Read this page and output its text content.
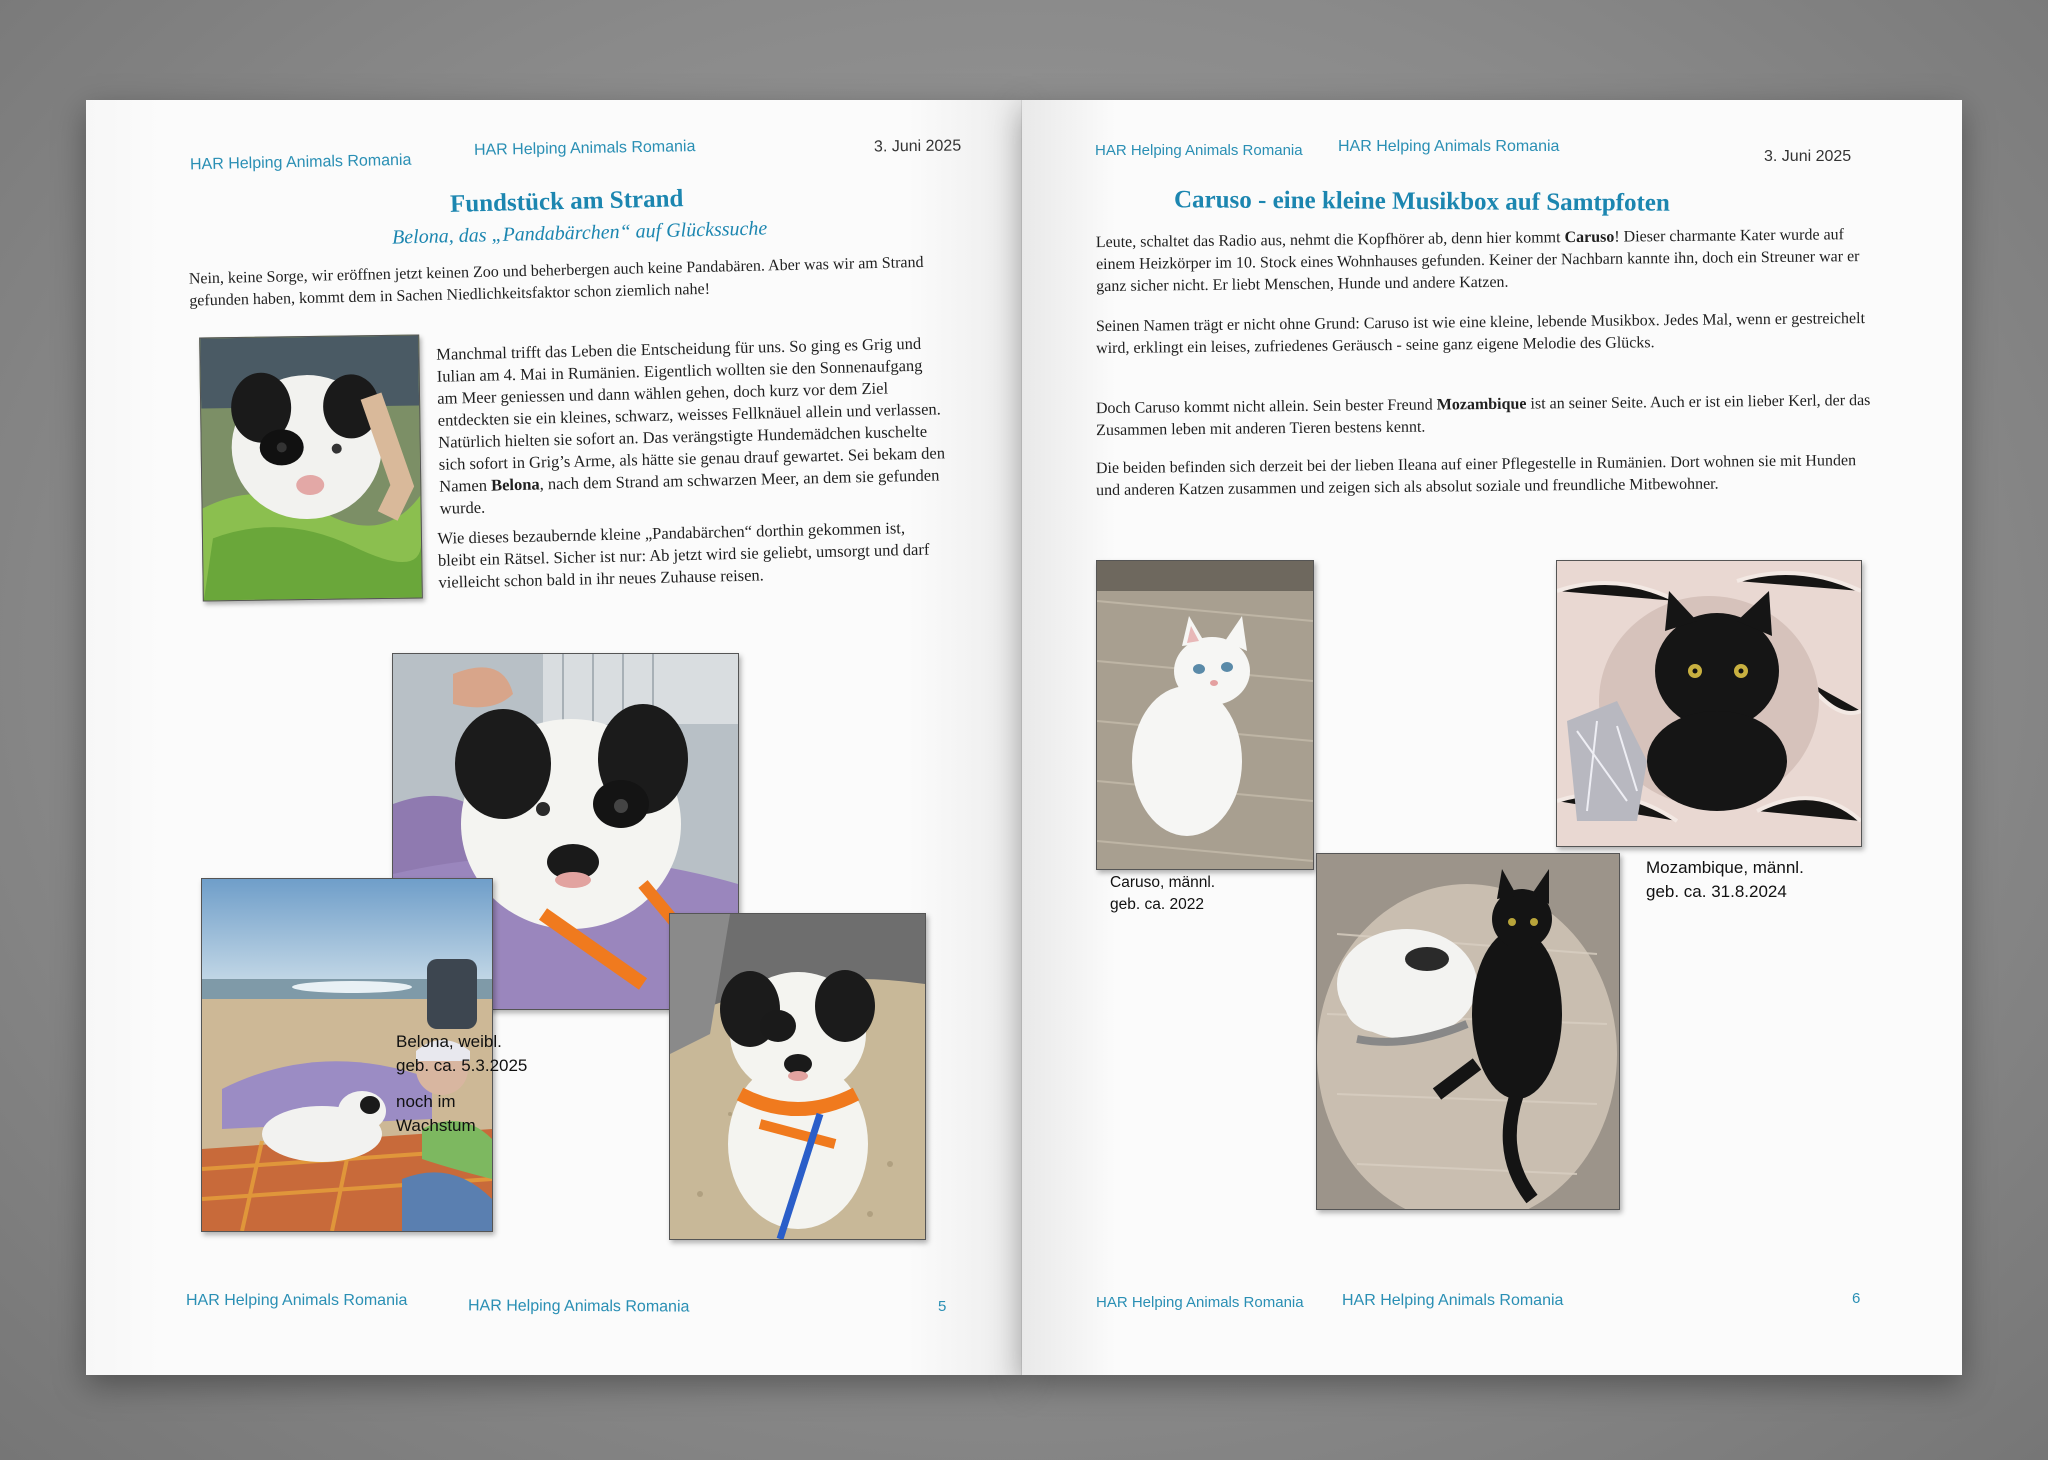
HAR Helping Animals Romania
HAR Helping Animals Romania	3. Juni 2025
Fundstück am Strand
Belona, das „Pandabärchen“ auf Glückssuche

Nein, keine Sorge, wir eröffnen jetzt keinen Zoo und beherbergen auch keine Pandabären. Aber was wir am Strand gefunden haben, kommt dem in Sachen Niedlichkeitsfaktor schon ziemlich nahe!

Manchmal trifft das Leben die Entscheidung für uns. So ging es Grig und Iulian am 4. Mai in Rumänien. Eigentlich wollten sie den Sonnenaufgang am Meer geniessen und dann wählen gehen, doch kurz vor dem Ziel entdeckten sie ein kleines, schwarz, weisses Fellknäuel allein und verlassen. Natürlich hielten sie sofort an. Das verängstigte Hundemädchen kuschelte sich sofort in Grig’s Arme, als hätte sie genau drauf gewartet. Sei bekam den Namen Belona, nach dem Strand am schwarzen Meer, an dem sie gefunden wurde.

Wie dieses bezaubernde kleine „Pandabärchen“ dorthin gekommen ist, bleibt ein Rätsel. Sicher ist nur: Ab jetzt wird sie geliebt, umsorgt und darf vielleicht schon bald in ihr neues Zuhause reisen.

Belona, weibl.
geb. ca. 5.3.2025
noch im
Wachstum
HAR Helping Animals Romania	HAR Helping Animals Romania	5
HAR Helping Animals Romania HAR Helping Animals Romania
3. Juni 2025
Caruso - eine kleine Musikbox auf Samtpfoten

Leute, schaltet das Radio aus, nehmt die Kopfhörer ab, denn hier kommt Caruso! Dieser charmante Kater wurde auf einem Heizkörper im 10. Stock eines Wohnhauses gefunden. Keiner der Nachbarn kannte ihn, doch ein Streuner war er ganz sicher nicht. Er liebt Menschen, Hunde und andere Katzen.

Seinen Namen trägt er nicht ohne Grund: Caruso ist wie eine kleine, lebende Musikbox. Jedes Mal, wenn er gestreichelt wird, erklingt ein leises, zufriedenes Geräusch - seine ganz eigene Melodie des Glücks.

Doch Caruso kommt nicht allein. Sein bester Freund Mozambique ist an seiner Seite. Auch er ist ein lieber Kerl, der das Zusammen leben mit anderen Tieren bestens kennt.

Die beiden befinden sich derzeit bei der lieben Ileana auf einer Pflegestelle in Rumänien. Dort wohnen sie mit Hunden und anderen Katzen zusammen und zeigen sich als absolut soziale und freundliche Mitbewohner.

Caruso, männl.
geb. ca. 2022
Mozambique, männl.
geb. ca. 31.8.2024
HAR Helping Animals Romania HAR Helping Animals Romania	6
